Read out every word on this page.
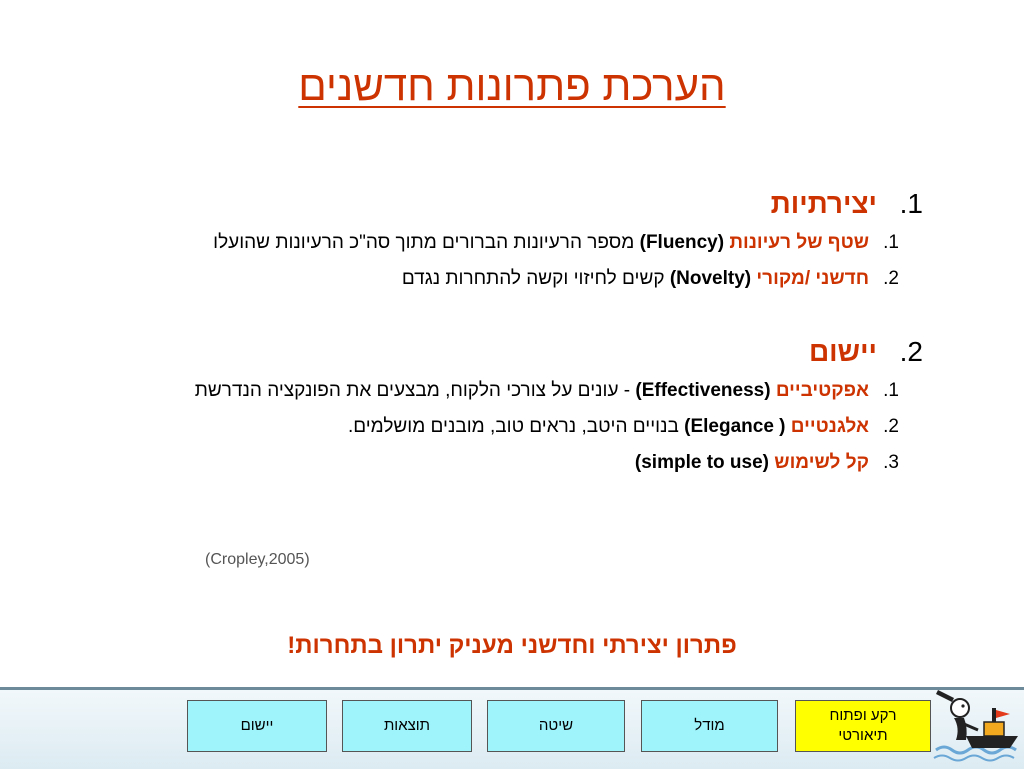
הערכת פתרונות חדשנים
1.
יצירתיות
1.
שטף של רעיונות (Fluency) מספר הרעיונות הברורים מתוך סה"כ הרעיונות שהועלו
2.
חדשני /מקורי (Novelty) קשים לחיזוי וקשה להתחרות נגדם
2.
יישום
1.
אפקטיביים (Effectiveness) - עונים על צורכי הלקוח, מבצעים את הפונקציה הנדרשת
2.
אלגנטיים ( Elegance) בנויים היטב, נראים טוב, מובנים מושלמים.
3.
קל לשימוש (simple to use)
(Cropley,2005)
פתרון יצירתי וחדשני מעניק יתרון בתחרות!
יישום	תוצאות	שיטה	מודל
רקע ופתוח
תיאורטי
